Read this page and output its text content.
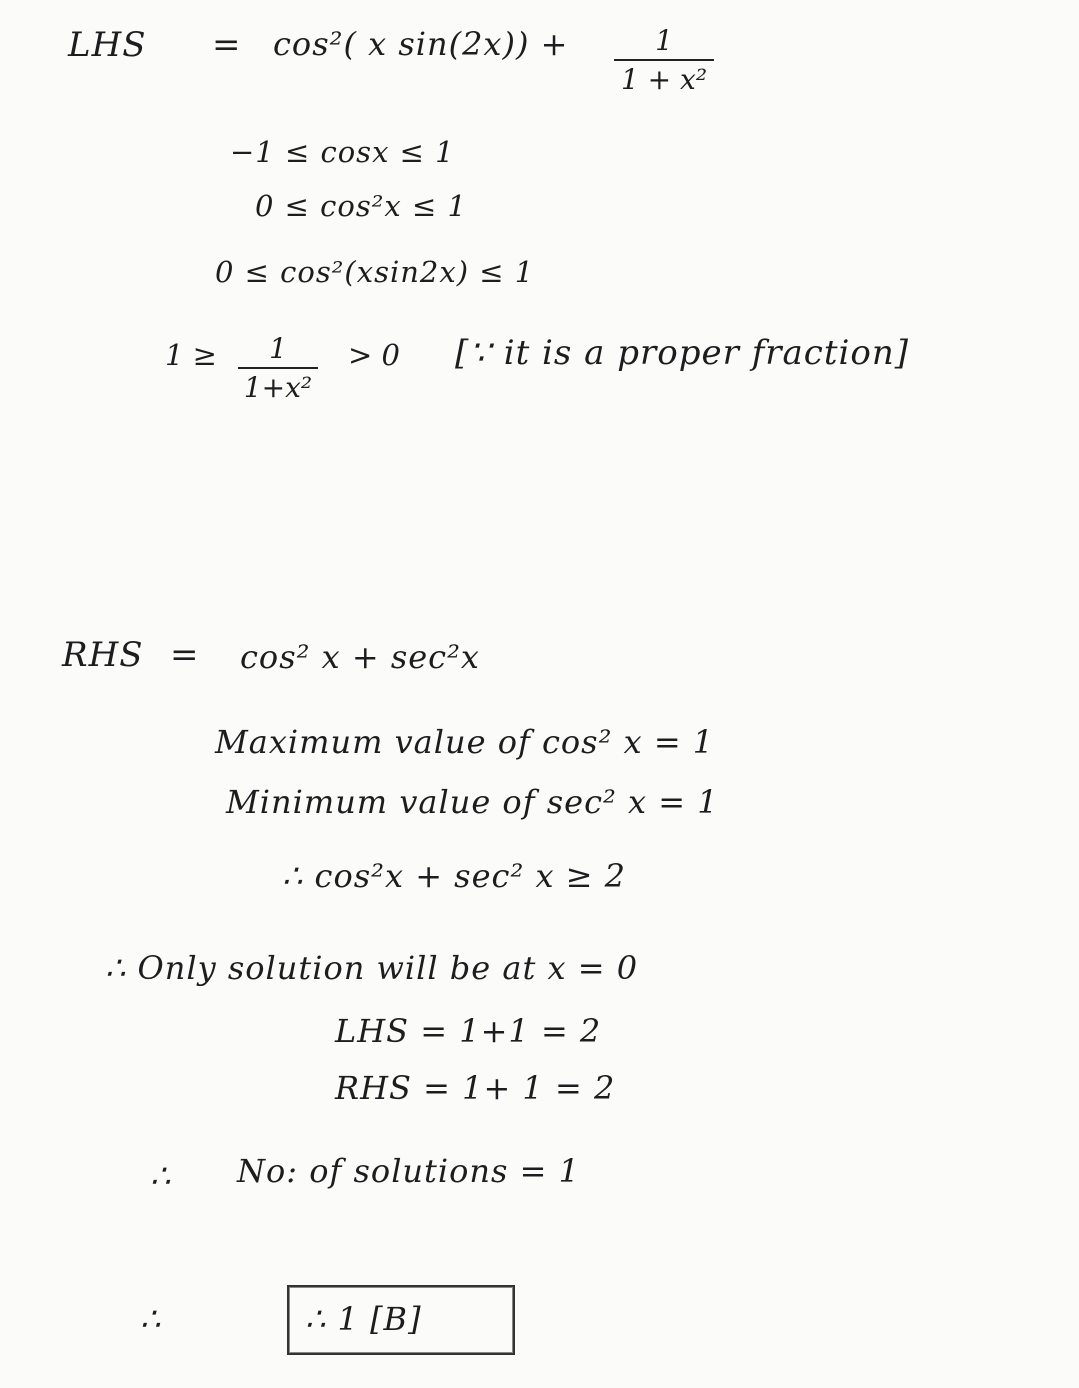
LHS = cos²( x sin(2x)) +	1
1 + x²
−1 ≤ cosx ≤ 1
0 ≤ cos²x ≤ 1
0 ≤ cos²(xsin2x) ≤ 1
1 ≥	1
1+x²
> 0 [∵ it is a proper fraction]
RHS = cos² x + sec²x
Maximum value of cos² x = 1
Minimum value of sec² x = 1
∴ cos²x + sec² x ≥ 2
∴ Only solution will be at x = 0
LHS = 1+1 = 2
RHS = 1+ 1 = 2
∴ No: of solutions = 1
∴	∴ 1 [B]
